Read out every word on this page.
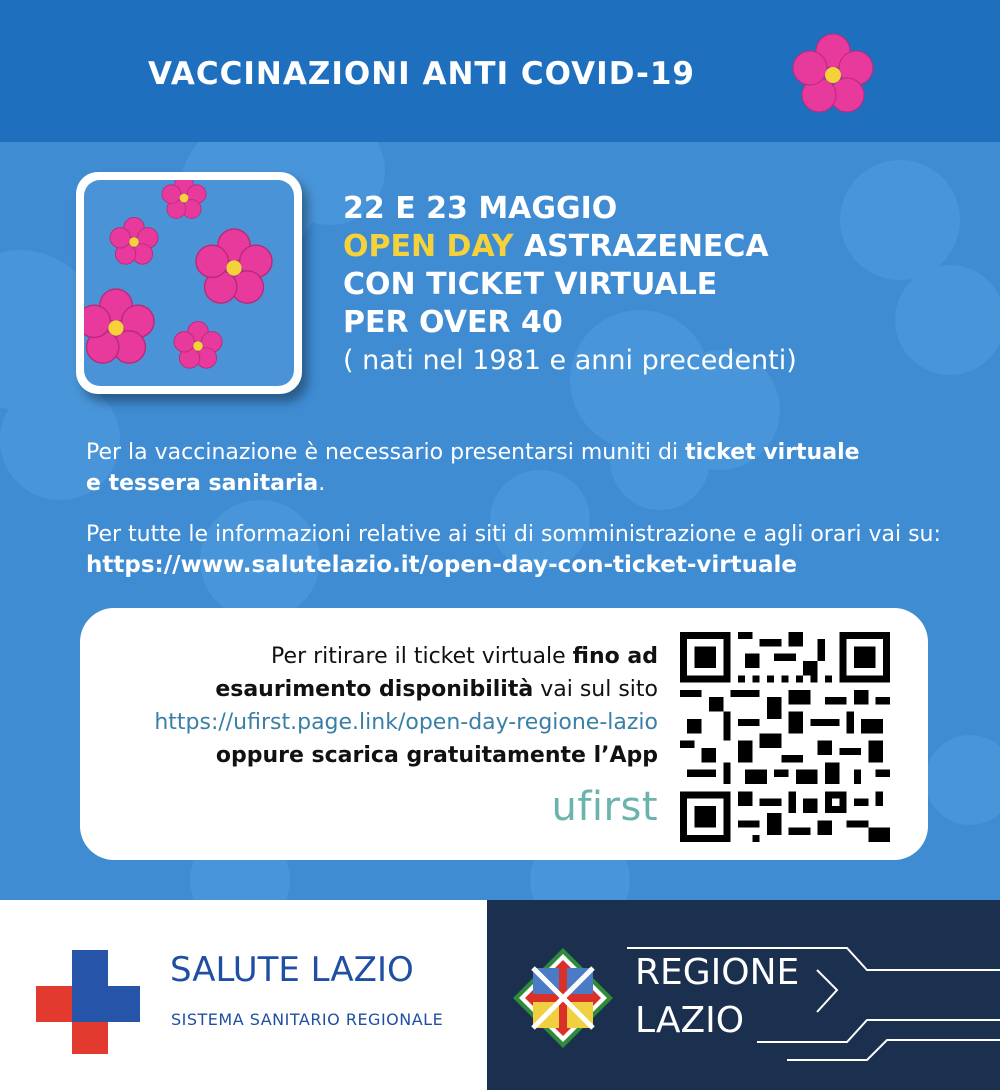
VACCINAZIONI ANTI COVID-19
22 E 23 MAGGIO
OPEN DAY ASTRAZENECA
CON TICKET VIRTUALE
PER OVER 40
( nati nel 1981 e anni precedenti)
Per la vaccinazione è necessario presentarsi muniti di ticket virtuale
e tessera sanitaria.
Per tutte le informazioni relative ai siti di somministrazione e agli orari vai su:
https://www.salutelazio.it/open-day-con-ticket-virtuale
Per ritirare il ticket virtuale fino ad
esaurimento disponibilità vai sul sito
https://ufirst.page.link/open-day-regione-lazio
oppure scarica gratuitamente l’App
ufirst
SALUTE LAZIO
SISTEMA SANITARIO REGIONALE
REGIONE
LAZIO
